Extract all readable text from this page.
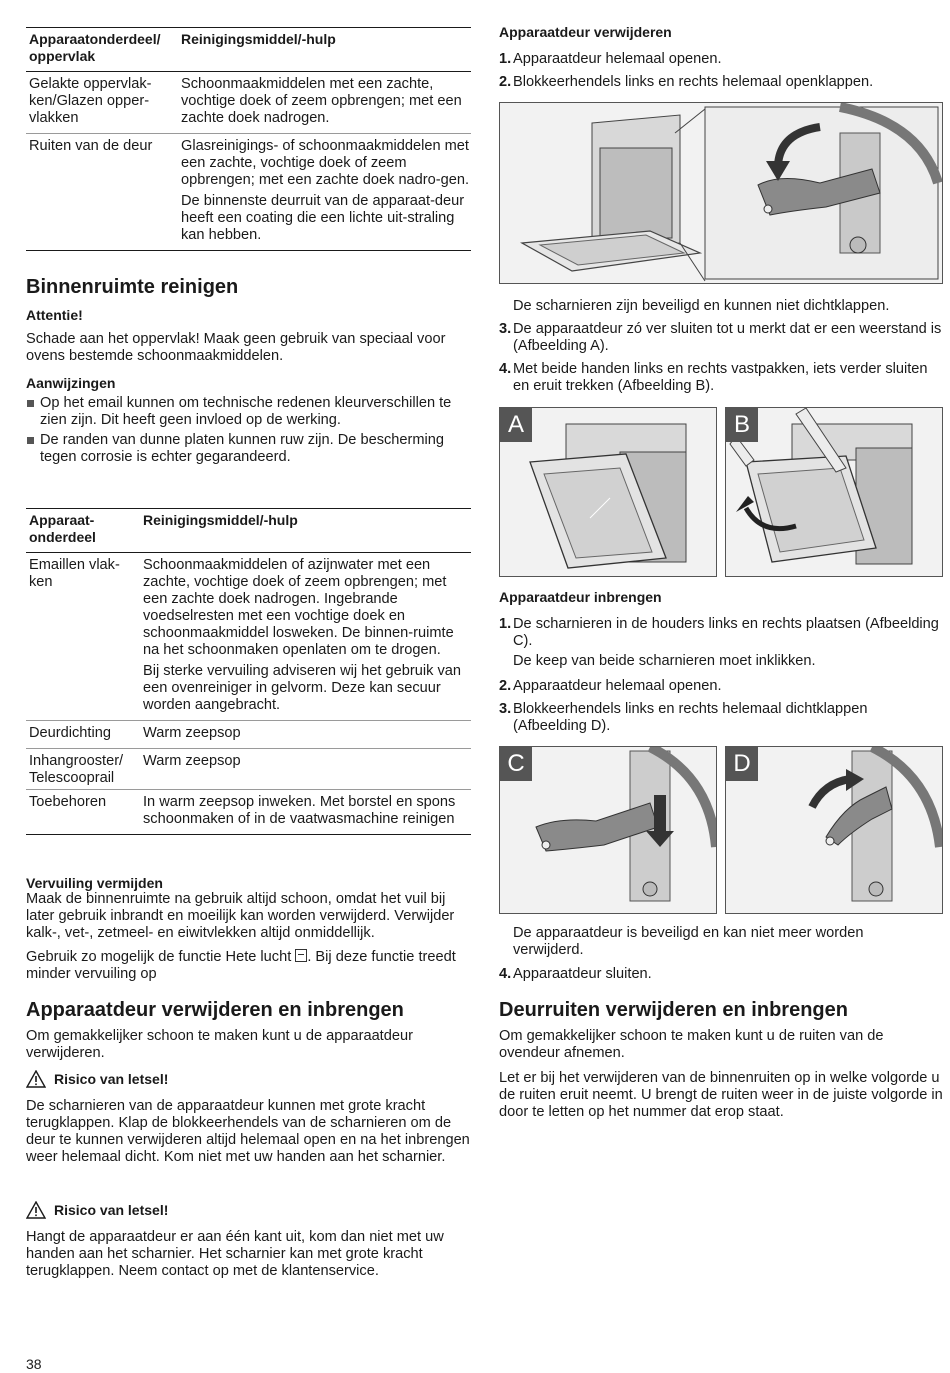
Apparaatonderdeel/ oppervlak	Reinigingsmiddel/-hulp
Gelakte oppervlak-ken/Glazen opper-vlakken	Schoonmaakmiddelen met een zachte, vochtige doek of zeem opbrengen; met een zachte doek nadrogen.

Ruiten van de deur	Glasreinigings- of schoonmaakmiddelen met een zachte, vochtige doek of zeem opbrengen; met een zachte doek nadro-gen.

De binnenste deurruit van de apparaat-deur heeft een coating die een lichte uit-straling kan hebben.

Binnenruimte reinigen
Attentie!

Schade aan het oppervlak! Maak geen gebruik van speciaal voor ovens bestemde schoonmaakmiddelen.

Aanwijzingen
Op het email kunnen om technische redenen kleurverschillen te zien zijn. Dit heeft geen invloed op de werking.
De randen van dunne platen kunnen ruw zijn. De bescherming tegen corrosie is echter gegarandeerd.
Apparaat-onderdeel	Reinigingsmiddel/-hulp
Emaillen vlak-ken	Schoonmaakmiddelen of azijnwater met een zachte, vochtige doek of zeem opbrengen; met een zachte doek nadrogen. Ingebrande voedselresten met een vochtige doek en schoonmaakmiddel losweken. De binnen-ruimte na het schoonmaken openlaten om te drogen.

Bij sterke vervuiling adviseren wij het gebruik van een ovenreiniger in gelvorm. Deze kan secuur worden aangebracht.

Deurdichting	Warm zeepsop

Inhangrooster/ Telescooprail	Warm zeepsop

Toebehoren	In warm zeepsop inweken. Met borstel en spons schoonmaken of in de vaatwasmachine reinigen

Vervuiling vermijden

Maak de binnenruimte na gebruik altijd schoon, omdat het vuil bij later gebruik inbrandt en moeilijk kan worden verwijderd. Verwijder kalk-, vet-, zetmeel- en eiwitvlekken altijd onmiddellijk.

Gebruik zo mogelijk de functie Hete lucht . Bij deze functie treedt minder vervuiling op

Apparaatdeur verwijderen en inbrengen

Om gemakkelijker schoon te maken kunt u de apparaatdeur verwijderen.

Risico van letsel!

De scharnieren van de apparaatdeur kunnen met grote kracht terugklappen. Klap de blokkeerhendels van de scharnieren om de deur te kunnen verwijderen altijd helemaal open en na het inbrengen weer helemaal dicht. Kom niet met uw handen aan het scharnier.

Risico van letsel!

Hangt de apparaatdeur er aan één kant uit, kom dan niet met uw handen aan het scharnier. Het scharnier kan met grote kracht terugklappen. Neem contact op met de klantenservice.

Apparaatdeur verwijderen
1. Apparaatdeur helemaal openen.
2. Blokkeerhendels links en rechts helemaal openklappen.

De scharnieren zijn beveiligd en kunnen niet dichtklappen.

3. De apparaatdeur zó ver sluiten tot u merkt dat er een weerstand is (Afbeelding A).
4. Met beide handen links en rechts vastpakken, iets verder sluiten en eruit trekken (Afbeelding B).
A	B
Apparaatdeur inbrengen
1. De scharnieren in de houders links en rechts plaatsen (Afbeelding C).

De keep van beide scharnieren moet inklikken.

2. Apparaatdeur helemaal openen.
3. Blokkeerhendels links en rechts helemaal dichtklappen (Afbeelding D).
C	D

De apparaatdeur is beveiligd en kan niet meer worden verwijderd.

4. Apparaatdeur sluiten.
Deurruiten verwijderen en inbrengen

Om gemakkelijker schoon te maken kunt u de ruiten van de ovendeur afnemen.

Let er bij het verwijderen van de binnenruiten op in welke volgorde u de ruiten eruit neemt. U brengt de ruiten weer in de juiste volgorde in door te letten op het nummer dat erop staat.

38
